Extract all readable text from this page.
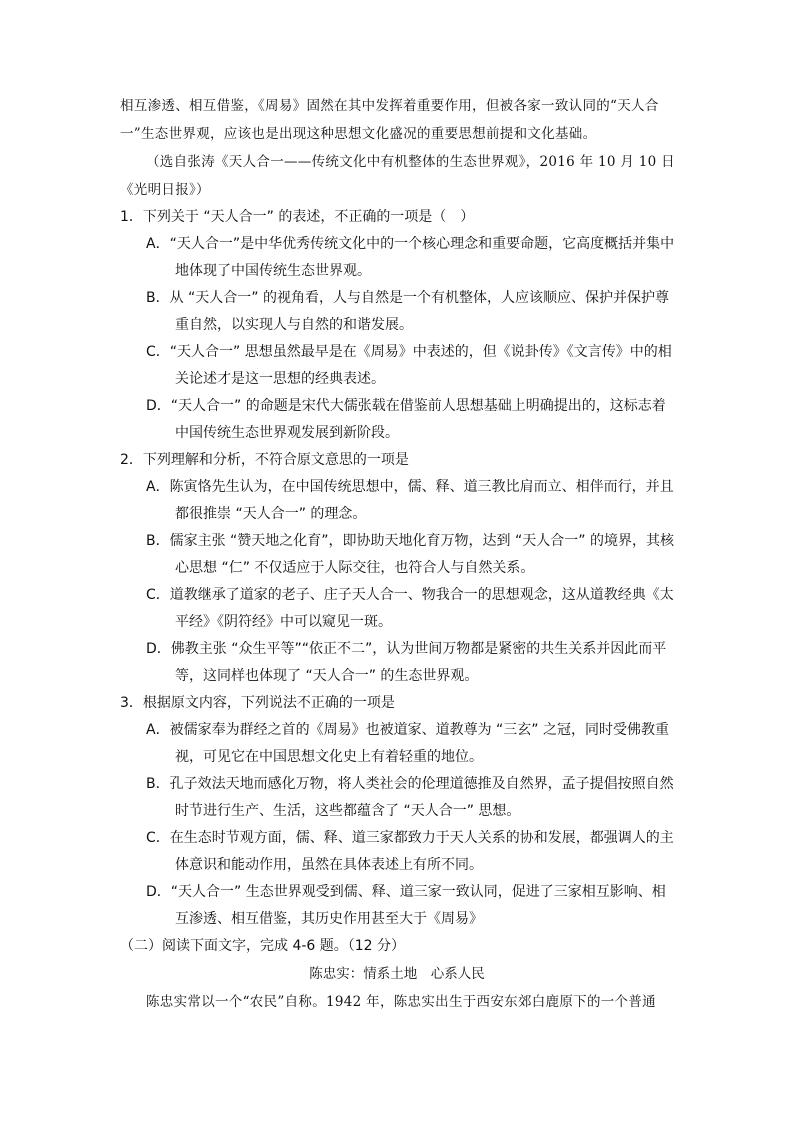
相互渗透、相互借鉴，《周易》固然在其中发挥着重要作用，但被各家一致认同的“天人合
一”生态世界观，应该也是出现这种思想文化盛况的重要思想前提和文化基础。
（选自张涛《天人合一——传统文化中有机整体的生态世界观》，2016 年 10 月 10 日
《光明日报》）
1．下列关于 “天人合一” 的表述，不正确的一项是（　）
A．“天人合一”是中华优秀传统文化中的一个核心理念和重要命题，它高度概括并集中
地体现了中国传统生态世界观。
B．从 “天人合一” 的视角看，人与自然是一个有机整体，人应该顺应、保护并保护尊
重自然，以实现人与自然的和谐发展。
C．“天人合一” 思想虽然最早是在《周易》中表述的，但《说卦传》《文言传》中的相
关论述才是这一思想的经典表述。
D．“天人合一” 的命题是宋代大儒张载在借鉴前人思想基础上明确提出的，这标志着
中国传统生态世界观发展到新阶段。
2．下列理解和分析，不符合原文意思的一项是
A．陈寅恪先生认为，在中国传统思想中，儒、释、道三教比肩而立、相伴而行，并且
都很推崇 “天人合一” 的理念。
B．儒家主张 “赞天地之化育”，即协助天地化育万物，达到 “天人合一” 的境界，其核
心思想 “仁” 不仅适应于人际交往，也符合人与自然关系。
C．道教继承了道家的老子、庄子天人合一、物我合一的思想观念，这从道教经典《太
平经》《阴符经》中可以窥见一斑。
D．佛教主张 “众生平等”“依正不二”，认为世间万物都是紧密的共生关系并因此而平
等，这同样也体现了 “天人合一” 的生态世界观。
3．根据原文内容，下列说法不正确的一项是
A．被儒家奉为群经之首的《周易》也被道家、道教尊为 “三玄” 之冠，同时受佛教重
视，可见它在中国思想文化史上有着轻重的地位。
B．孔子效法天地而感化万物，将人类社会的伦理道德推及自然界，孟子提倡按照自然
时节进行生产、生活，这些都蕴含了 “天人合一” 思想。
C．在生态时节观方面，儒、释、道三家都致力于天人关系的协和发展，都强调人的主
体意识和能动作用，虽然在具体表述上有所不同。
D．“天人合一” 生态世界观受到儒、释、道三家一致认同，促进了三家相互影响、相
互渗透、相互借鉴，其历史作用甚至大于《周易》
（二）阅读下面文字，完成 4-6 题。（12 分）
陈忠实：情系土地　心系人民
陈忠实常以一个“农民”自称。1942 年，陈忠实出生于西安东郊白鹿原下的一个普通
